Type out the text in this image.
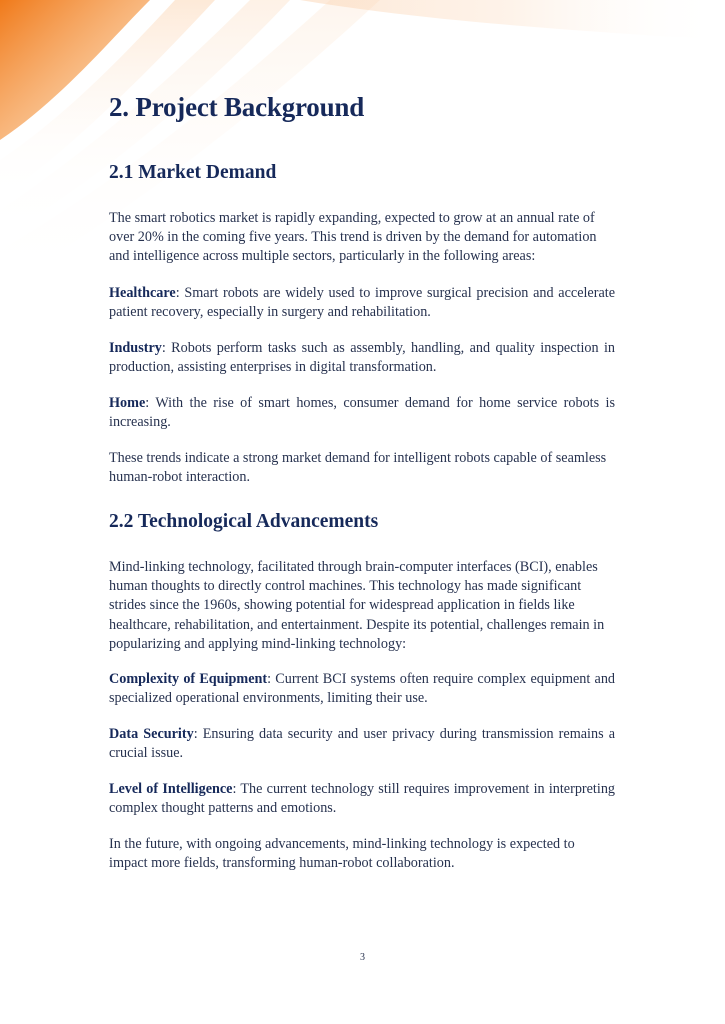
2. Project Background
2.1 Market Demand

The smart robotics market is rapidly expanding, expected to grow at an annual rate of over 20% in the coming five years. This trend is driven by the demand for automation and intelligence across multiple sectors, particularly in the following areas:

Healthcare: Smart robots are widely used to improve surgical precision and accelerate patient recovery, especially in surgery and rehabilitation.

Industry: Robots perform tasks such as assembly, handling, and quality inspection in production, assisting enterprises in digital transformation.

Home: With the rise of smart homes, consumer demand for home service robots is increasing.

These trends indicate a strong market demand for intelligent robots capable of seamless human-robot interaction.

2.2 Technological Advancements

Mind-linking technology, facilitated through brain-computer interfaces (BCI), enables human thoughts to directly control machines. This technology has made significant strides since the 1960s, showing potential for widespread application in fields like healthcare, rehabilitation, and entertainment. Despite its potential, challenges remain in popularizing and applying mind-linking technology:

Complexity of Equipment: Current BCI systems often require complex equipment and specialized operational environments, limiting their use.

Data Security: Ensuring data security and user privacy during transmission remains a crucial issue.

Level of Intelligence: The current technology still requires improvement in interpreting complex thought patterns and emotions.

In the future, with ongoing advancements, mind-linking technology is expected to impact more fields, transforming human-robot collaboration.

3
